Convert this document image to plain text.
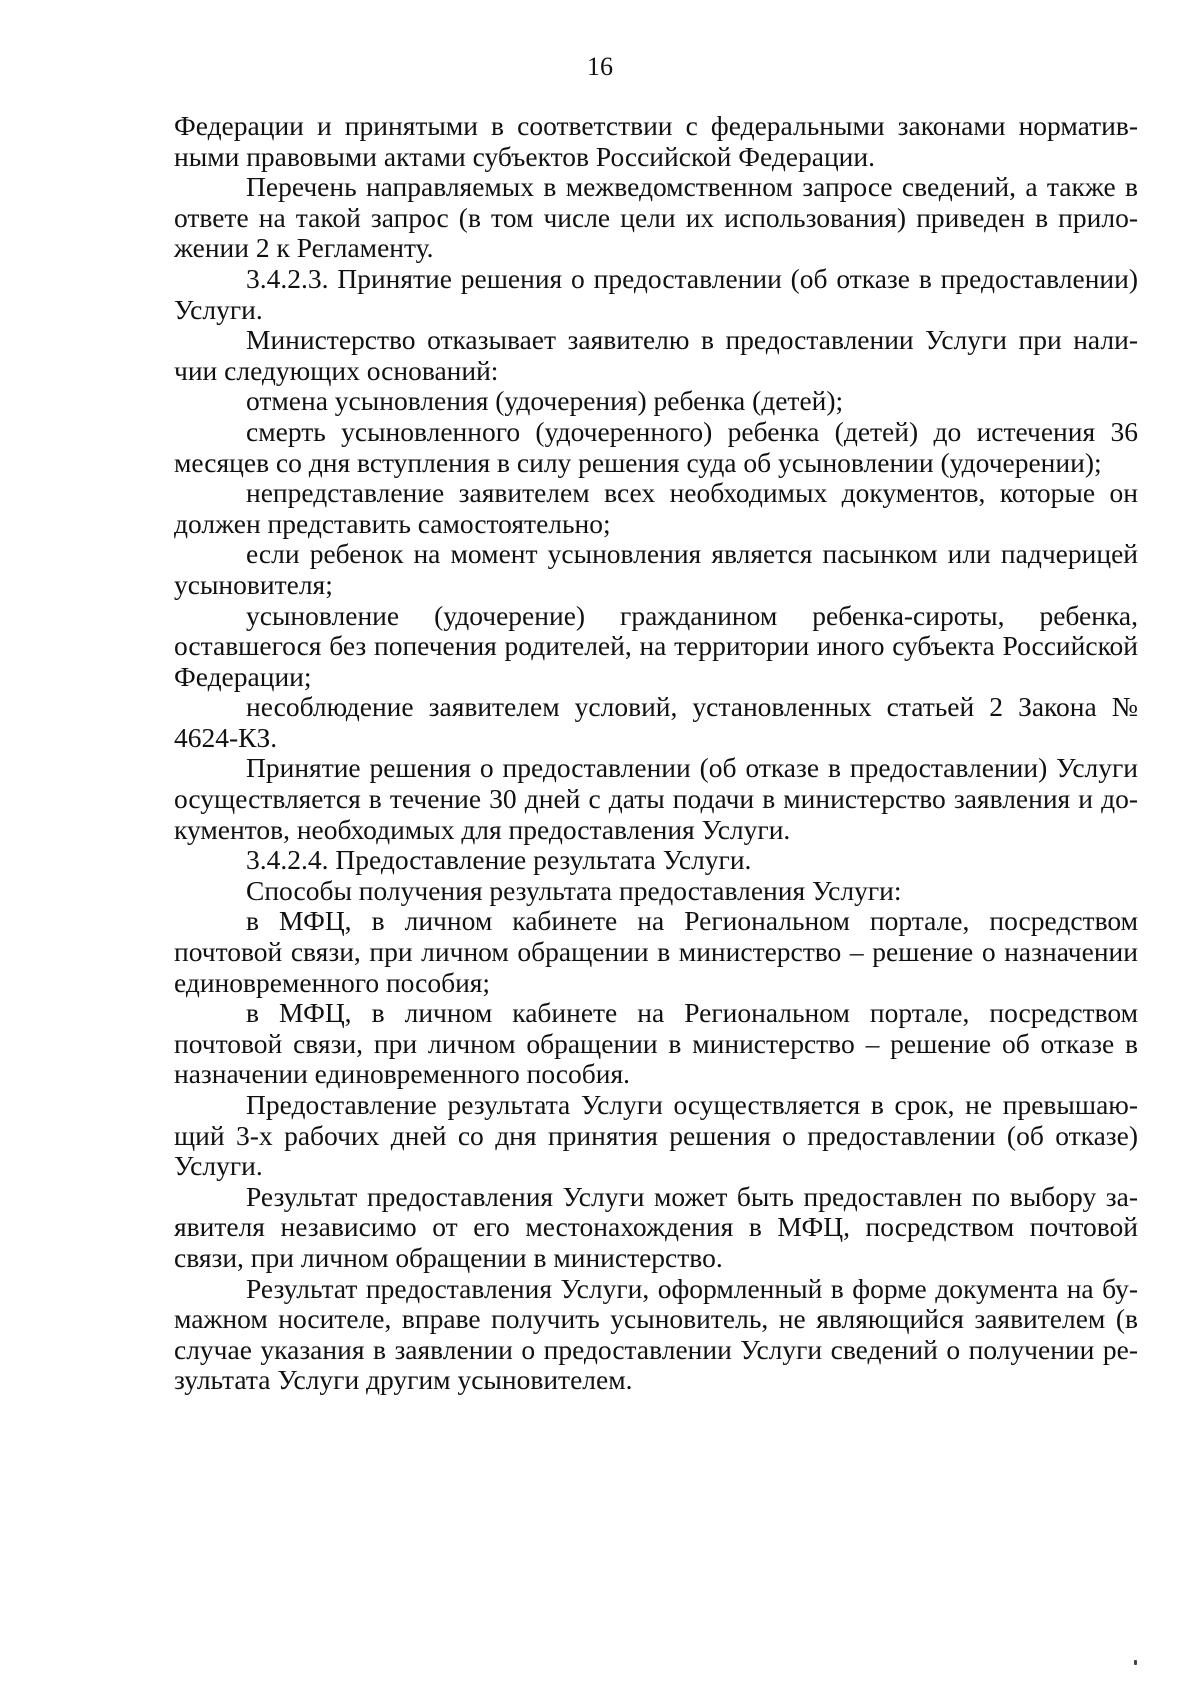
16

Федерации и принятыми в соответствии с федеральными законами нормативными правовыми актами субъектов Российской Федерации.

Перечень направляемых в межведомственном запросе сведений, а также в ответе на такой запрос (в том числе цели их использования) приведен в приложении 2 к Регламенту.

3.4.2.3. Принятие решения о предоставлении (об отказе в предоставлении) Услуги.

Министерство отказывает заявителю в предоставлении Услуги при наличии следующих оснований:

отмена усыновления (удочерения) ребенка (детей);

смерть усыновленного (удочеренного) ребенка (детей) до истечения 36 месяцев со дня вступления в силу решения суда об усыновлении (удочерении);

непредставление заявителем всех необходимых документов, которые он должен представить самостоятельно;

если ребенок на момент усыновления является пасынком или падчерицей усыновителя;

усыновление (удочерение) гражданином ребенка-сироты, ребенка, оставшегося без попечения родителей, на территории иного субъекта Российской Федерации;

несоблюдение заявителем условий, установленных статьей 2 Закона № 4624-КЗ.

Принятие решения о предоставлении (об отказе в предоставлении) Услуги осуществляется в течение 30 дней с даты подачи в министерство заявления и документов, необходимых для предоставления Услуги.

3.4.2.4. Предоставление результата Услуги.

Способы получения результата предоставления Услуги:

в МФЦ, в личном кабинете на Региональном портале, посредством почтовой связи, при личном обращении в министерство – решение о назначении единовременного пособия;

в МФЦ, в личном кабинете на Региональном портале, посредством почтовой связи, при личном обращении в министерство – решение об отказе в назначении единовременного пособия.

Предоставление результата Услуги осуществляется в срок, не превышающий 3-х рабочих дней со дня принятия решения о предоставлении (об отказе) Услуги.

Результат предоставления Услуги может быть предоставлен по выбору заявителя независимо от его местонахождения в МФЦ, посредством почтовой связи, при личном обращении в министерство.

Результат предоставления Услуги, оформленный в форме документа на бумажном носителе, вправе получить усыновитель, не являющийся заявителем (в случае указания в заявлении о предоставлении Услуги сведений о получении результата Услуги другим усыновителем.
